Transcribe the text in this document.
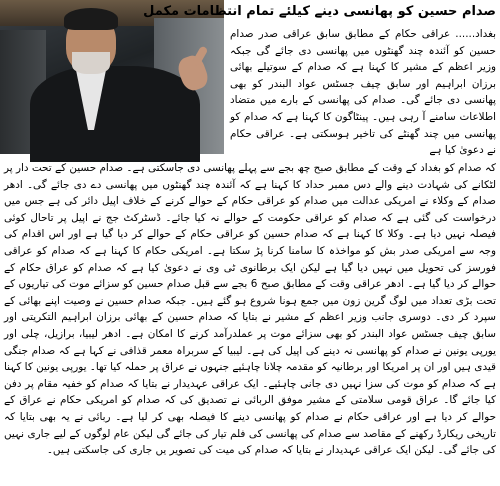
صدام حسین کو پھانسی دینے کیلئے تمام انتظامات مکمل

بغداد...... عراقی حکام کے مطابق سابق عراقی صدر صدام حسین کو آئندہ چند گھنٹوں میں پھانسی دی جائے گی جبکہ وزیر اعظم کے مشیر کا کہنا ہے کہ صدام کے سوتیلے بھائی برزان ابراہیم اور سابق چیف جسٹس عواد البندر کو بھی پھانسی دی جائے گی۔ صدام کی پھانسی کے بارے میں متضاد اطلاعات سامنے آ رہی ہیں۔ پینٹاگون کا کہنا ہے کہ صدام کو پھانسی میں چند گھنٹے کی تاخیر ہوسکتی ہے۔ عراقی حکام نے دعویٰ کیا ہے

کہ صدام کو بغداد کے وقت کے مطابق صبح چھ بجے سے پہلے پھانسی دی جاسکتی ہے۔ صدام حسین کے تحت دار پر لٹکانے کی شہادت دینے والے دس ممبر حداد کا کہنا ہے کہ آئندہ چند گھنٹوں میں پھانسی دے دی جائے گی۔ ادھر صدام کے وکلاء نے امریکی عدالت میں صدام کو عراقی حکام کے حوالے کرنے کے خلاف اپیل دائر کی ہے جس میں درخواست کی گئی ہے کہ صدام کو عراقی حکومت کے حوالے نہ کیا جائے۔ ڈسٹرکٹ جج نے اپیل پر تاحال کوئی فیصلہ نہیں دیا ہے۔ وکلا کا کہنا ہے کہ صدام حسین کو عراقی حکام کے حوالے کر دیا گیا ہے اور اس اقدام کی وجہ سے امریکی صدر بش کو مواخذہ کا سامنا کرنا پڑ سکتا ہے۔ امریکی حکام کا کہنا ہے کہ صدام کو عراقی فورسز کی تحویل میں نہیں دیا گیا ہے لیکن ایک برطانوی ٹی وی نے دعویٰ کیا ہے کہ صدام کو عراق حکام کے حوالے کر دیا گیا ہے۔ ادھر عراقی وقت کے مطابق صبح 6 بجے سے قبل صدام حسین کو سزائے موت کی تیاریوں کے تحت بڑی تعداد میں لوگ گرین زون میں جمع ہونا شروع ہو گئے ہیں۔ جبکہ صدام حسین نے وصیت اپنے بھائی کے سپرد کر دی۔ دوسری جانب وزیر اعظم کے مشیر نے بتایا کہ صدام حسین کے بھائی برزان ابراہیم التکریتی اور سابق چیف جسٹس عواد البندر کو بھی سزائے موت پر عملدرآمد کرنے کا امکان ہے۔ ادھر لیبیا، برازیل، چلی اور یورپی یونین نے صدام کو پھانسی نہ دینے کی اپیل کی ہے۔ لیبیا کے سربراہ معمر قذافی نے کہا ہے کہ صدام جنگی قیدی ہیں اور ان پر امریکا اور برطانیہ کو مقدمہ چلانا چاہئیے جنہوں نے عراق پر حملہ کیا تھا۔ یورپی یونین کا کہنا ہے کہ صدام کو موت کی سزا نہیں دی جانی چاہئیے۔ ایک عراقی عہدیدار نے بتایا کہ صدام کو خفیہ مقام پر دفن کیا جائے گا۔ عراق قومی سلامتی کے مشیر موفق الربائی نے تصدیق کی کہ صدام کو امریکی حکام نے عراق کے حوالے کر دیا ہے اور عراقی حکام نے صدام کو پھانسی دینے کا فیصلہ بھی کر لیا ہے۔ ربائی نے یہ بھی بتایا کہ تاریخی ریکارڈ رکھنے کے مقاصد سے صدام کی پھانسی کی فلم تیار کی جائے گی لیکن عام لوگوں کے لیے جاری نہیں کی جائے گی۔ لیکن ایک عراقی عہدیدار نے بتایا کہ صدام کی میت کی تصویر یں جاری کی جاسکتی ہیں۔
